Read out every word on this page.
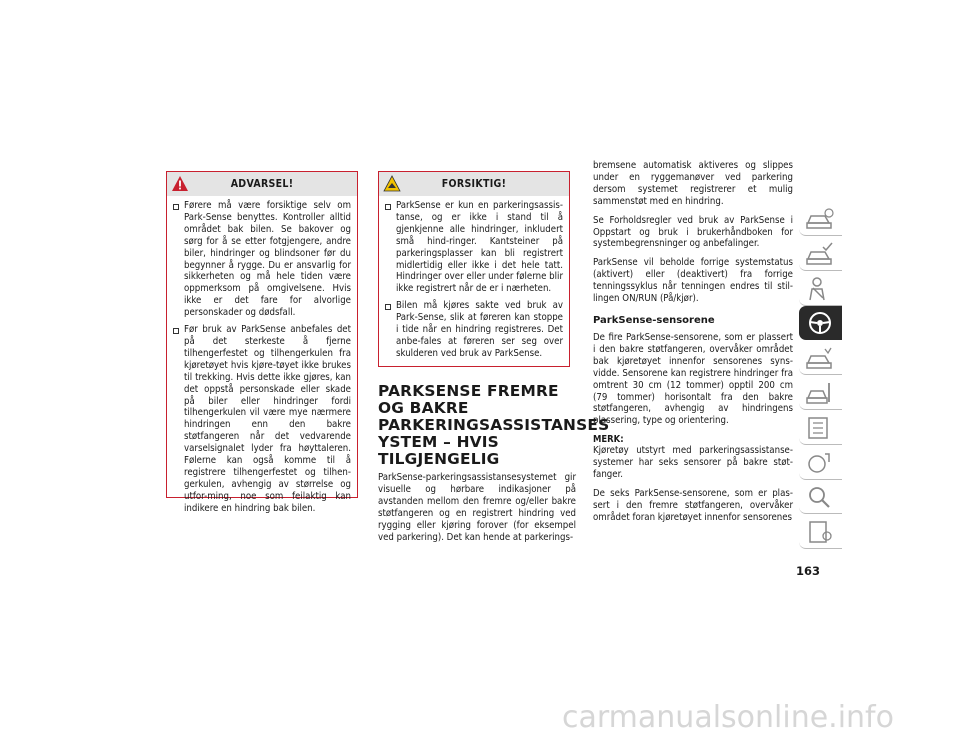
ADVARSEL!
Førere må være forsiktige selv om Park-Sense benyttes. Kontroller alltid området bak bilen. Se bakover og sørg for å se etter fotgjengere, andre biler, hindringer og blindsoner før du begynner å rygge. Du er ansvarlig for sikkerheten og må hele tiden være oppmerksom på omgivelsene. Hvis ikke er det fare for alvorlige personskader og dødsfall.
Før bruk av ParkSense anbefales det på det sterkeste å fjerne tilhengerfestet og tilhengerkulen fra kjøretøyet hvis kjøre-tøyet ikke brukes til trekking. Hvis dette ikke gjøres, kan det oppstå personskade eller skade på biler eller hindringer fordi tilhengerkulen vil være mye nærmere hindringen enn den bakre støtfangeren når det vedvarende varselsignalet lyder fra høyttaleren. Følerne kan også komme til å registrere tilhengerfestet og tilhen-gerkulen, avhengig av størrelse og utfor-ming, noe som feilaktig kan indikere en hindring bak bilen.
FORSIKTIG!
ParkSense er kun en parkeringsassis-tanse, og er ikke i stand til å gjenkjenne alle hindringer, inkludert små hind-ringer. Kantsteiner på parkeringsplasser kan bli registrert midlertidig eller ikke i det hele tatt. Hindringer over eller under følerne blir ikke registrert når de er i nærheten.
Bilen må kjøres sakte ved bruk av Park-Sense, slik at føreren kan stoppe i tide når en hindring registreres. Det anbe-fales at føreren ser seg over skulderen ved bruk av ParkSense.
PARKSENSE FREMRE OG BAKRE PARKERINGSASSISTANSES YSTEM – HVIS TILGJENGELIG

ParkSense-parkeringsassistansesystemet gir visuelle og hørbare indikasjoner på avstanden mellom den fremre og/eller bakre støtfangeren og en registrert hindring ved rygging eller kjøring forover (for eksempel ved parkering). Det kan hende at parkerings-

bremsene automatisk aktiveres og slippes under en ryggemanøver ved parkering dersom systemet registrerer et mulig sammenstøt med en hindring.

Se Forholdsregler ved bruk av ParkSense i Oppstart og bruk i brukerhåndboken for systembegrensninger og anbefalinger.

ParkSense vil beholde forrige systemstatus (aktivert) eller (deaktivert) fra forrige tenningssyklus når tenningen endres til stil-lingen ON/RUN (På/kjør).

ParkSense-sensorene

De fire ParkSense-sensorene, som er plassert i den bakre støtfangeren, overvåker området bak kjøretøyet innenfor sensorenes syns-vidde. Sensorene kan registrere hindringer fra omtrent 30 cm (12 tommer) opptil 200 cm (79 tommer) horisontalt fra den bakre støtfangeren, avhengig av hindringens plassering, type og orientering.

MERK:

Kjøretøy utstyrt med parkeringsassistanse-systemer har seks sensorer på bakre støt-fanger.

De seks ParkSense-sensorene, som er plas-sert i den fremre støtfangeren, overvåker området foran kjøretøyet innenfor sensorenes

163
carmanualsonline.info
